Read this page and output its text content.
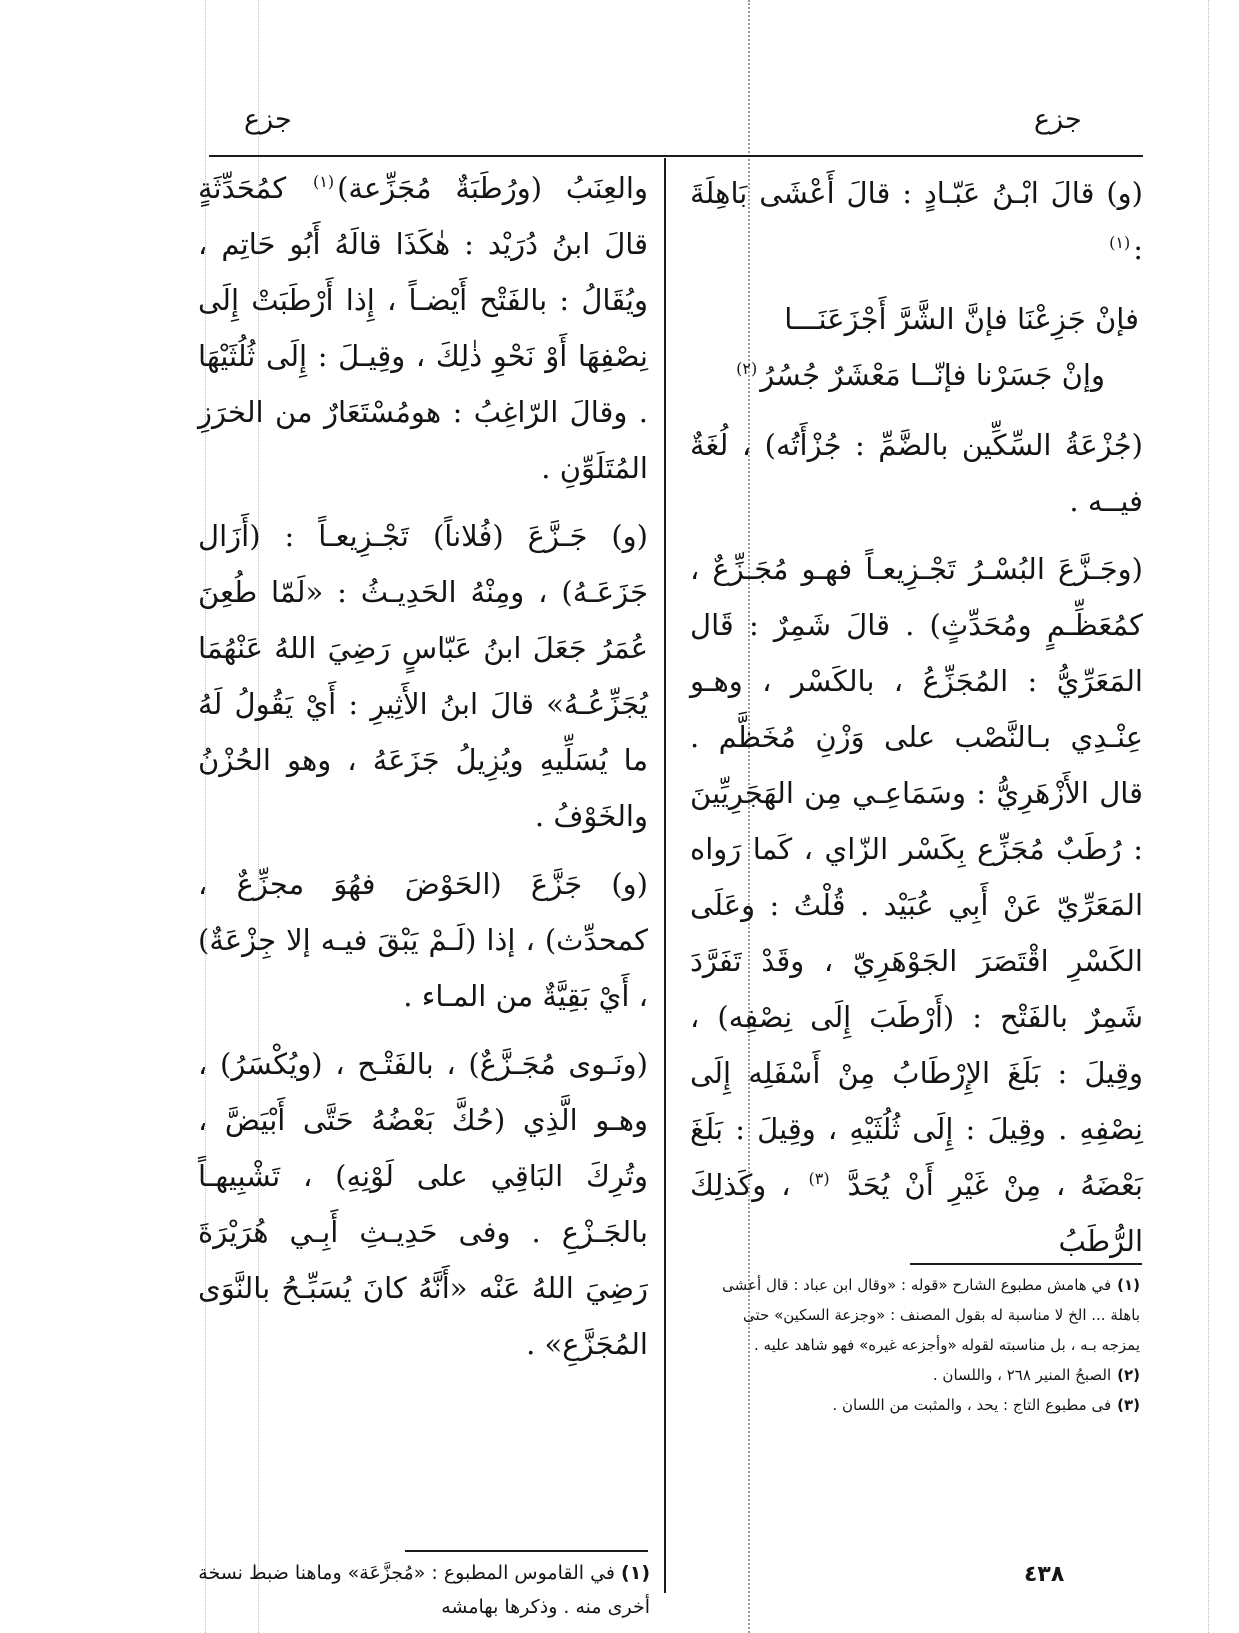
جزع	جزع

(و) قالَ ابْـنُ عَبّـادٍ : قالَ أَعْشَى بَاهِلَةَ :$^{(١)}$

فإنْ جَزِعْنَا فإنَّ الشَّرَّ أَجْزَعَنَـــا
وإنْ جَسَرْنا فإنّــا مَعْشَرٌ جُسُرُ$^{(٢)}$

(جُزْعَةُ السِّكِّين بالضَّمِّ : جُزْأَتُه) ، لُغَةٌ فيــه .

(وجَـزَّعَ البُسْـرُ تَجْـزِيعـاً فهـو مُجَـزِّعٌ ، كمُعَظِّـمٍ ومُحَدِّثٍ) . قالَ شَمِرٌ : قَال المَعَرِّيُّ : المُجَزِّعُ ، بالكَسْر ، وهـو عِنْـدِي بـالنَّصْب على وَزْنِ مُخَظَّم . قال الأَزْهَرِيُّ : وسَمَاعِـي مِن الهَجَرِيِّينَ : رُطَبٌ مُجَزِّع بِكَسْر الزّاي ، كَما رَواه المَعَرِّيّ عَنْ أَبِي عُبَيْد . قُلْتُ : وعَلَى الكَسْرِ اقْتَصَرَ الجَوْهَرِيّ ، وقَدْ تَفَرَّدَ شَمِرٌ بالفَتْح : (أَرْطَبَ إِلَى نِصْفِه) ، وقِيلَ : بَلَغَ الإِرْطَابُ مِنْ أَسْفَلِه إِلَى نِصْفِهِ . وقِيلَ : إِلَى ثُلُثَيْهِ ، وقِيلَ : بَلَغَ بَعْضَهُ ، مِنْ غَيْرِ أَنْ يُحَدَّ $^{(٣)}$ ، وكَذلِكَ الرُّطَبُ

والعِنَبُ (ورُطَبَةٌ مُجَزِّعة)$^{(١)}$ كمُحَدِّثَةٍ قالَ ابنُ دُرَيْد : هٰكَذَا قالَهُ أَبُو حَاتِم ، ويُقَالُ : بالفَتْح أَيْضـاً ، إِذا أَرْطَبَتْ إِلَى نِصْفِهَا أَوْ نَحْوِ ذٰلِكَ ، وقِيـلَ : إِلَى ثُلُثَيْهَا . وقالَ الرّاغِبُ : هومُسْتَعَارٌ من الخرَزِ المُتَلَوِّنِ .

(و) جَـزَّعَ (فُلاناً) تَجْـزِيعـاً : (أَزَال جَزَعَـهُ) ، ومِنْهُ الحَدِيـثُ : «لَمّا طُعِنَ عُمَرُ جَعَلَ ابنُ عَبّاسٍ رَضِيَ اللهُ عَنْهُمَا يُجَزِّعُـهُ» قالَ ابنُ الأَثِيرِ : أَيْ يَقُولُ لَهُ ما يُسَلِّيهِ ويُزِيلُ جَزَعَهُ ، وهو الحُزْنُ والخَوْفُ .

(و) جَزَّعَ (الحَوْضَ فهُوَ مجزِّعٌ ، كمحدِّث) ، إذا (لَـمْ يَبْقَ فيـه إلا جِزْعَةٌ) ، أَيْ بَقِيَّةٌ من المـاء .

(ونَـوى مُجَـزَّعٌ) ، بالفَتْـح ، (ويُكْسَرُ) ، وهـو الَّذِي (حُكَّ بَعْضُهُ حَتَّى أَبْيَضَّ ، وتُرِكَ البَاقِي على لَوْنِهِ) ، تَشْبِيهـاً بالجَـزْعِ . وفى حَدِيـثِ أَبِـي هُرَيْرَةَ رَضِيَ اللهُ عَنْه «أَنَّهُ كانَ يُسَبِّـحُ بالنَّوَى المُجَزَّعِ» .

(١)في هامش مطبوع الشارح «قوله : «وقال ابن عباد : قال أعشى باهلة ... الخ لا مناسبة له بقول المصنف : «وجزعة السكين» حتى يمزجه بـه ، بل مناسبته لقوله «وأجزعه غيره» فهو شاهد عليه .

(٢)الصبحُ المنير ٢٦٨ ، واللسان .

(٣)فى مطبوع التاج : يحد ، والمثبت من اللسان .

(١)في القاموس المطبوع : «مُجزَّعَة» وماهنا ضبط نسخة أخرى منه . وذكرها بهامشه

٤٣٨
